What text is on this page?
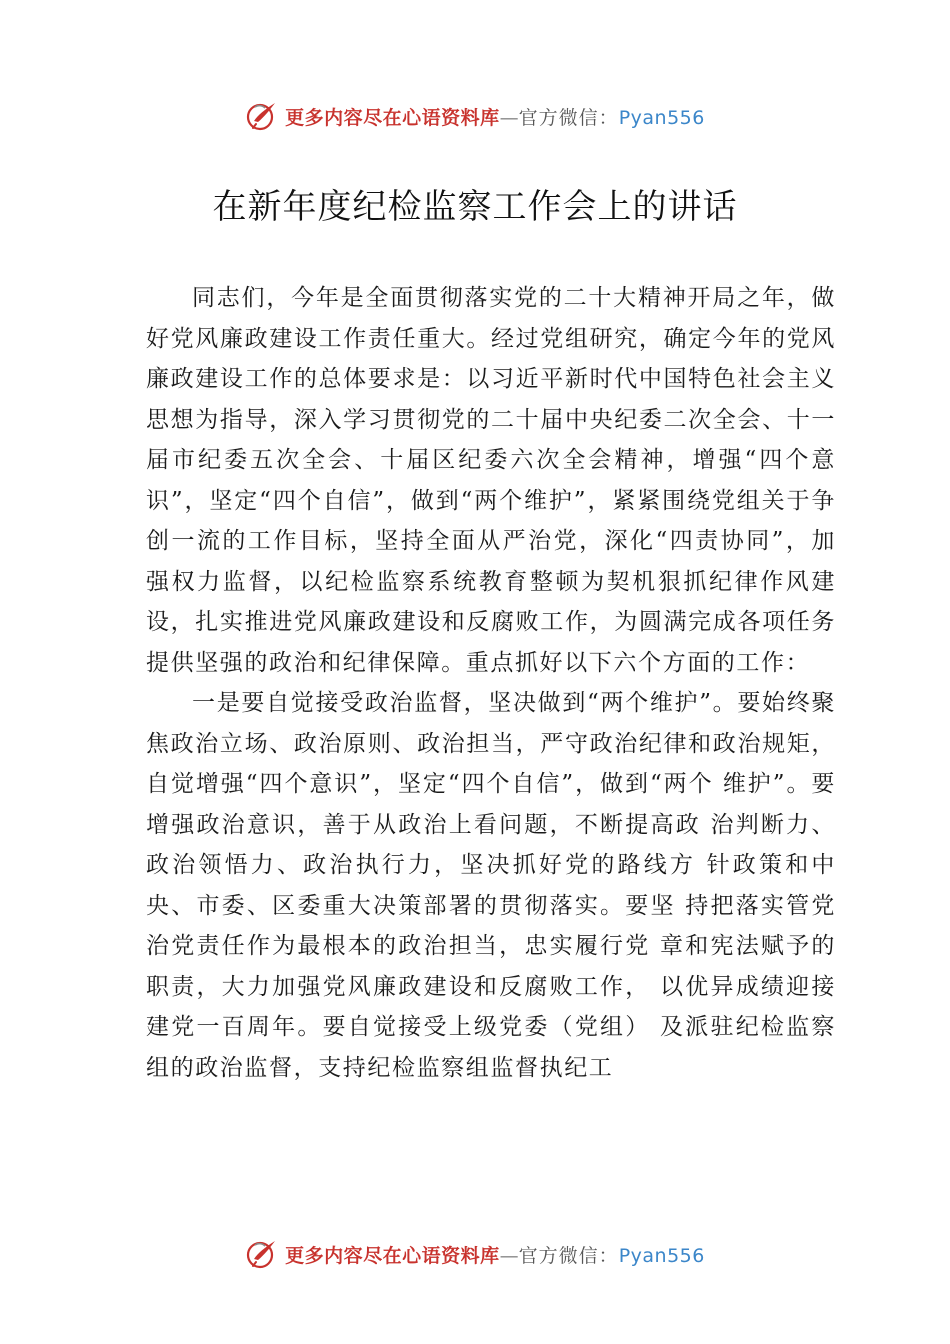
更多内容尽在心语资料库—官方微信：Pyan556
在新年度纪检监察工作会上的讲话

同志们，今年是全面贯彻落实党的二十大精神开局之年，做好党风廉政建设工作责任重大。经过党组研究，确定今年的党风廉政建设工作的总体要求是：以习近平新时代中国特色社会主义思想为指导，深入学习贯彻党的二十届中央纪委二次全会、十一届市纪委五次全会、十届区纪委六次全会精神，增强“四个意识”，坚定“四个自信”，做到“两个维护”，紧紧围绕党组关于争创一流的工作目标，坚持全面从严治党，深化“四责协同”，加强权力监督，以纪检监察系统教育整顿为契机狠抓纪律作风建设，扎实推进党风廉政建设和反腐败工作，为圆满完成各项任务提供坚强的政治和纪律保障。重点抓好以下六个方面的工作：

一是要自觉接受政治监督，坚决做到“两个维护”。要始终聚焦政治立场、政治原则、政治担当，严守政治纪律和政治规矩，自觉增强“四个意识”，坚定“四个自信”，做到“两个 维护”。要增强政治意识，善于从政治上看问题，不断提高政 治判断力、政治领悟力、政治执行力，坚决抓好党的路线方 针政策和中央、市委、区委重大决策部署的贯彻落实。要坚 持把落实管党治党责任作为最根本的政治担当，忠实履行党 章和宪法赋予的职责，大力加强党风廉政建设和反腐败工作， 以优异成绩迎接建党一百周年。要自觉接受上级党委（党组） 及派驻纪检监察组的政治监督，支持纪检监察组监督执纪工

更多内容尽在心语资料库—官方微信：Pyan556
